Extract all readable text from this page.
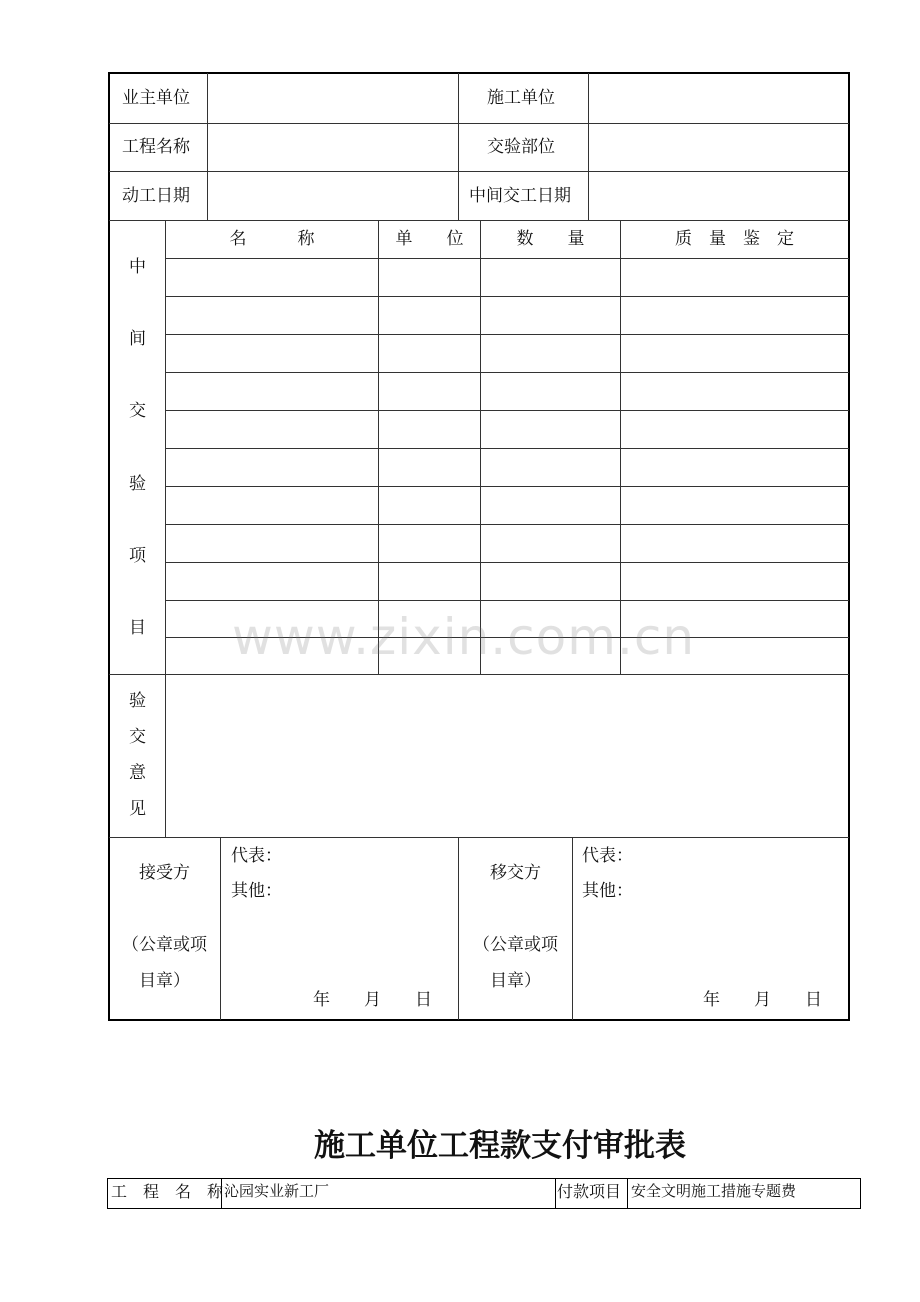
业主单位	施工单位
工程名称	交验部位
动工日期	中间交工日期
名　　　称	单　　位	数　　量	质　量　鉴　定
中
间
交
验
项
目
验
交
意
见
接受方
（公章或项
目章）
代表：
其他：
年　　月　　日
移交方
（公章或项
目章）
代表：
其他：
年　　月　　日
www.zixin.com.cn
施工单位工程款支付审批表
工　程　名　称 沁园实业新工厂	付款项目 安全文明施工措施专题费
